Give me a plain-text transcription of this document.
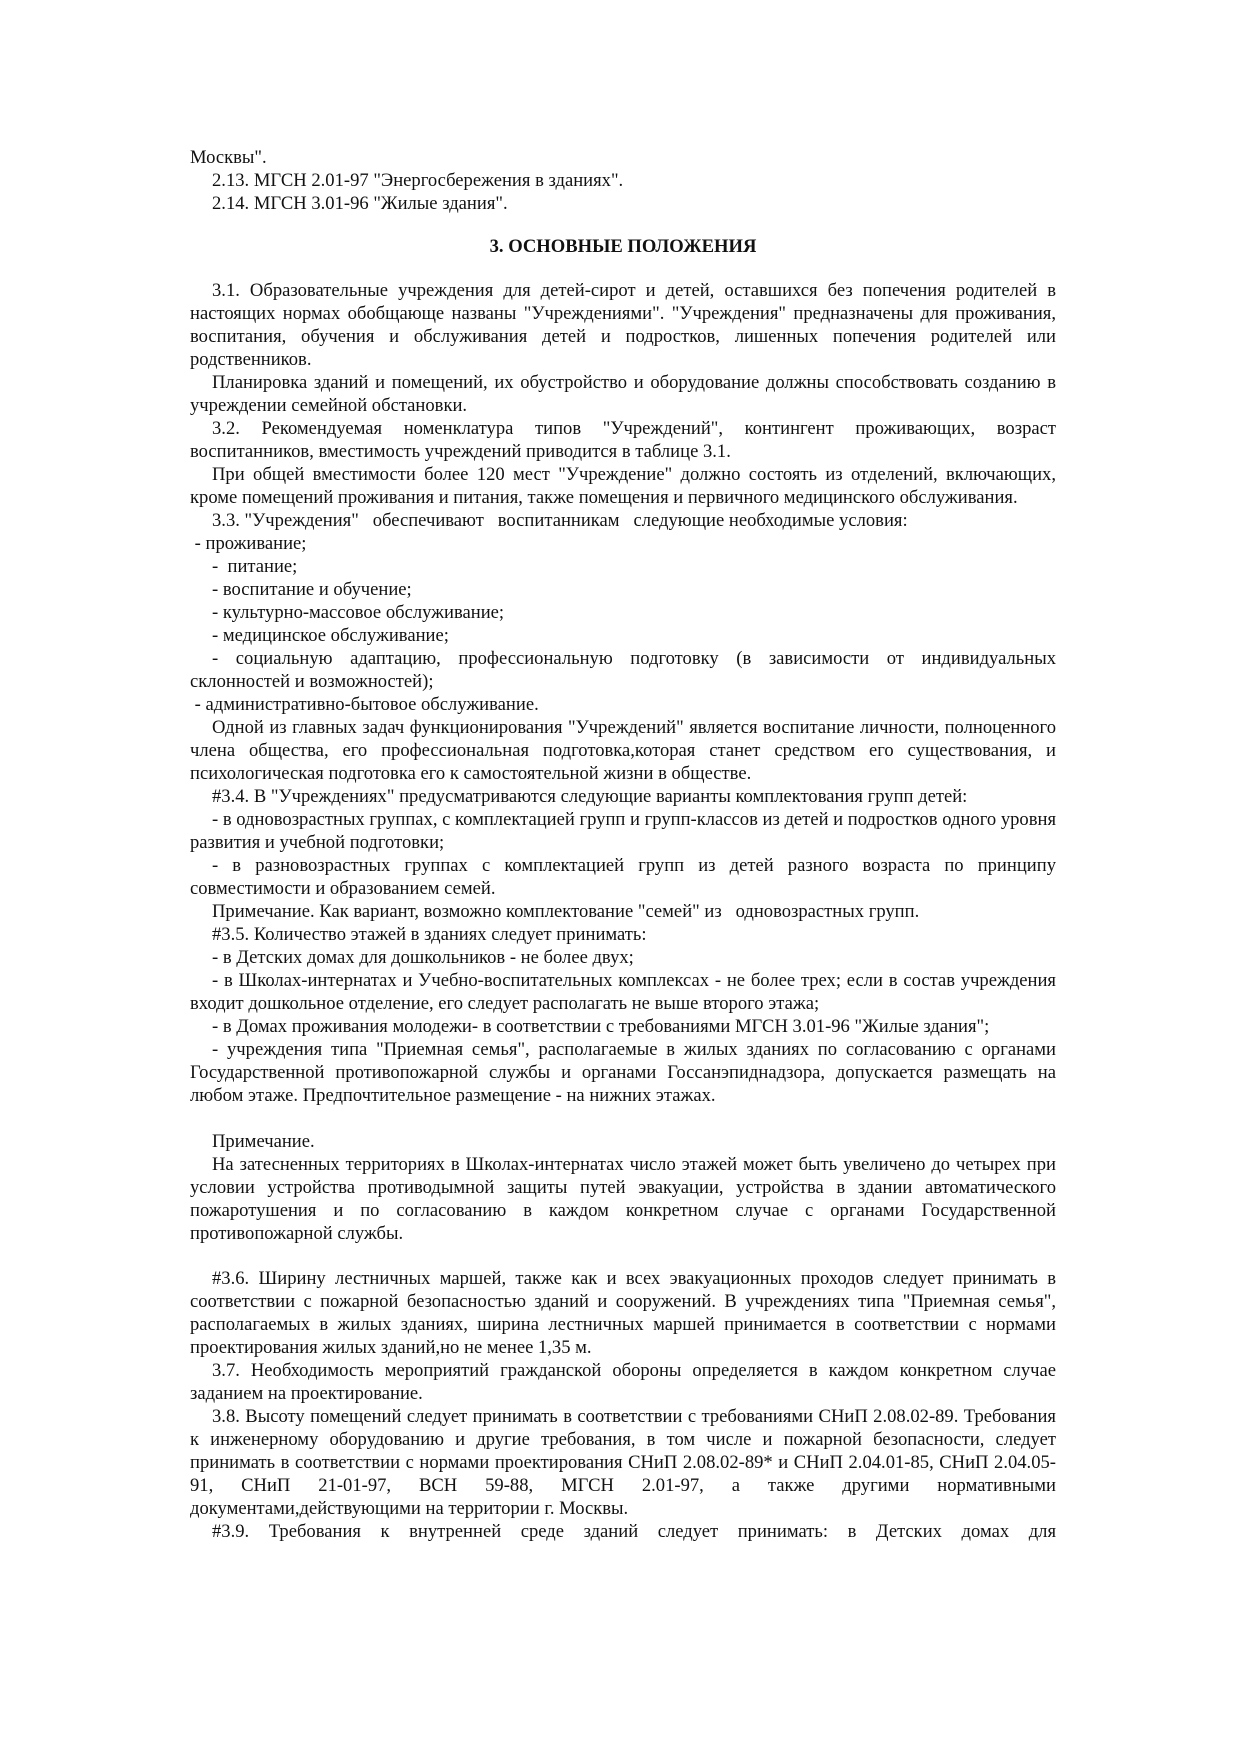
Москвы".

2.13. МГСН 2.01-97 "Энергосбережения в зданиях".

2.14. МГСН 3.01-96 "Жилые здания".

3. ОСНОВНЫЕ ПОЛОЖЕНИЯ

3.1. Образовательные учреждения для детей-сирот и детей, оставшихся без попечения родителей в настоящих нормах обобщающе названы "Учреждениями". "Учреждения" предназначены для проживания, воспитания, обучения и обслуживания детей и подростков, лишенных попечения родителей или родственников.

Планировка зданий и помещений, их обустройство и оборудование должны способствовать созданию в учреждении семейной обстановки.

3.2. Рекомендуемая номенклатура типов "Учреждений", контингент проживающих, возраст воспитанников, вместимость учреждений приводится в таблице 3.1.

При общей вместимости более 120 мест "Учреждение" должно состоять из отделений, включающих, кроме помещений проживания и питания, также помещения и первичного медицинского обслуживания.

3.3. "Учреждения"   обеспечивают   воспитанникам   следующие необходимые условия:

- проживание;

-  питание;

- воспитание и обучение;

- культурно-массовое обслуживание;

- медицинское обслуживание;

- социальную адаптацию, профессиональную подготовку (в зависимости от индивидуальных склонностей и возможностей);

- административно-бытовое обслуживание.

Одной из главных задач функционирования "Учреждений" является воспитание личности, полноценного члена общества, его профессиональная подготовка,которая станет средством его существования, и психологическая подготовка его к самостоятельной жизни в обществе.

#3.4. В "Учреждениях" предусматриваются следующие варианты комплектования групп детей:

- в одновозрастных группах, с комплектацией групп и групп-классов из детей и подростков одного уровня развития и учебной подготовки;

- в разновозрастных группах с комплектацией групп из детей разного возраста по принципу совместимости и образованием семей.

Примечание. Как вариант, возможно комплектование "семей" из   одновозрастных групп.

#3.5. Количество этажей в зданиях следует принимать:

- в Детских домах для дошкольников - не более двух;

- в Школах-интернатах и Учебно-воспитательных комплексах - не более трех; если в состав учреждения входит дошкольное отделение, его следует располагать не выше второго этажа;

- в Домах проживания молодежи- в соответствии с требованиями МГСН 3.01-96 "Жилые здания";

- учреждения типа "Приемная семья", располагаемые в жилых зданиях по согласованию с органами Государственной противопожарной службы и органами Госсанэпиднадзора, допускается размещать на любом этаже. Предпочтительное размещение - на нижних этажах.

Примечание.

На затесненных территориях в Школах-интернатах число этажей может быть увеличено до четырех при условии устройства противодымной защиты путей эвакуации, устройства в здании автоматического пожаротушения и по согласованию в каждом конкретном случае с органами Государственной противопожарной службы.

#3.6. Ширину лестничных маршей, также как и всех эвакуационных проходов следует принимать в соответствии с пожарной безопасностью зданий и сооружений. В учреждениях типа "Приемная семья", располагаемых в жилых зданиях, ширина лестничных маршей принимается в соответствии с нормами проектирования жилых зданий,но не менее 1,35 м.

3.7. Необходимость мероприятий гражданской обороны определяется в каждом конкретном случае заданием на проектирование.

3.8. Высоту помещений следует принимать в соответствии с требованиями СНиП 2.08.02-89. Требования к инженерному оборудованию и другие требования, в том числе и пожарной безопасности, следует принимать в соответствии с нормами проектирования СНиП 2.08.02-89* и СНиП 2.04.01-85, СНиП 2.04.05-91, СНиП 21-01-97, ВСН 59-88, МГСН 2.01-97, а также другими нормативными документами,действующими на территории г. Москвы.

#3.9. Требования к внутренней среде зданий следует принимать: в Детских домах для
